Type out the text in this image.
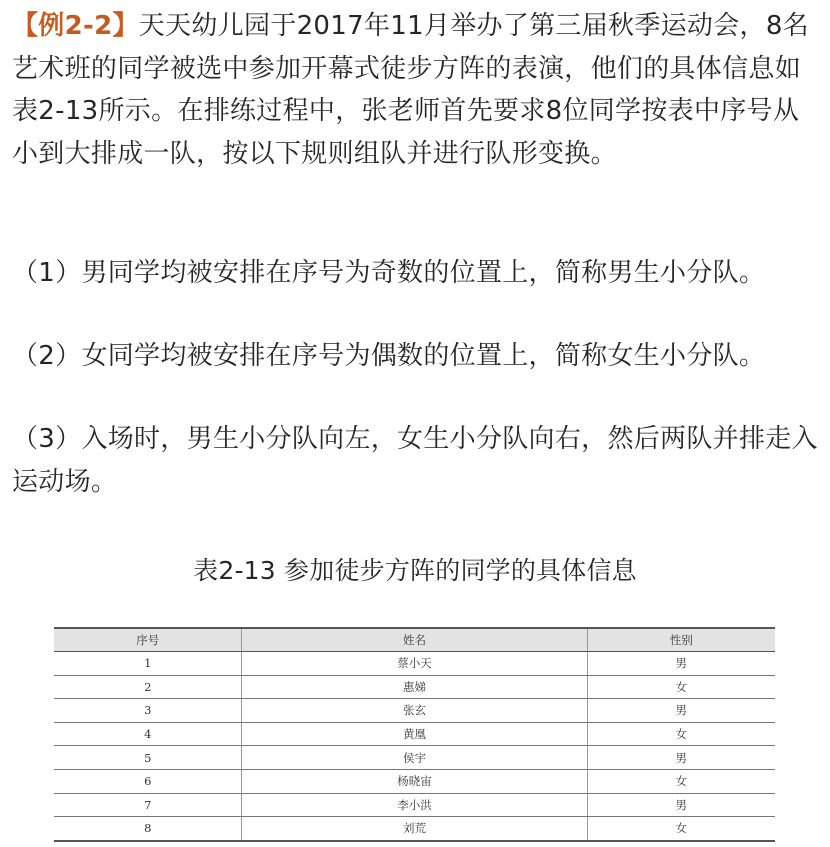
【例2-2】天天幼儿园于2017年11月举办了第三届秋季运动会，8名艺术班的同学被选中参加开幕式徒步方阵的表演，他们的具体信息如表2-13所示。在排练过程中，张老师首先要求8位同学按表中序号从小到大排成一队，按以下规则组队并进行队形变换。

（1）男同学均被安排在序号为奇数的位置上，简称男生小分队。

（2）女同学均被安排在序号为偶数的位置上，简称女生小分队。

（3）入场时，男生小分队向左，女生小分队向右，然后两队并排走入运动场。

表2-13 参加徒步方阵的同学的具体信息
序号	姓名	性别
1	蔡小天	男
2	惠娣	女
3	张玄	男
4	黄凰	女
5	侯宇	男
6	杨晓宙	女
7	李小洪	男
8	刘荒	女
